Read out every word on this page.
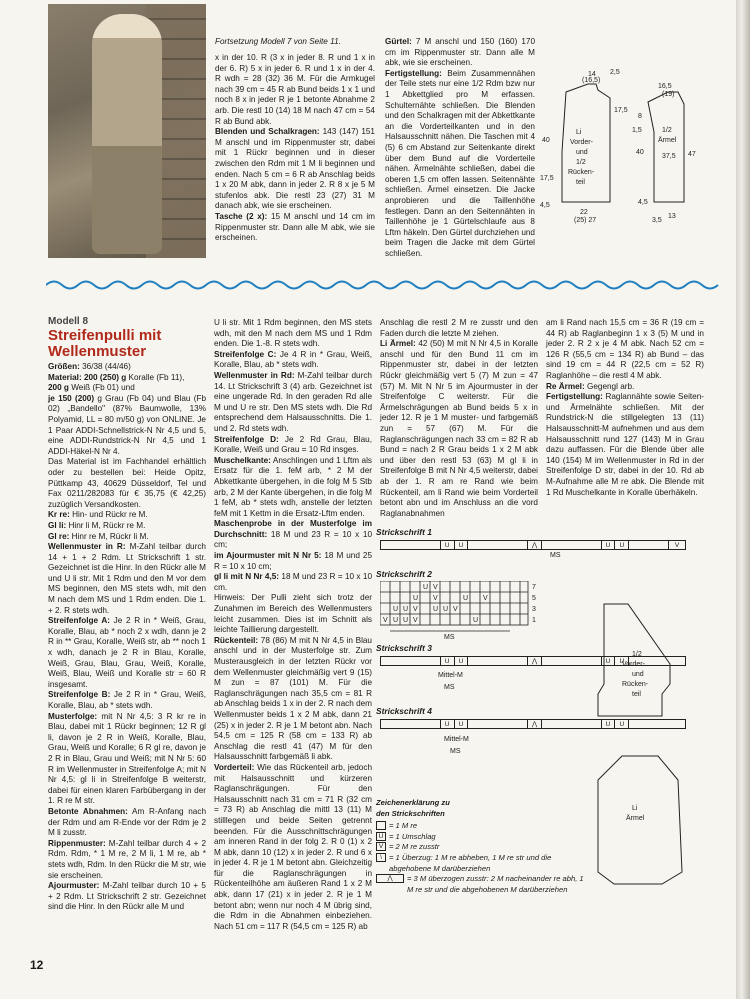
Fortsetzung Modell 7 von Seite 11.

x in der 10. R (3 x in jeder 8. R und 1 x in der 6. R) 5 x in jeder 6. R und 1 x in der 4. R wdh = 28 (32) 36 M. Für die Armkugel nach 39 cm = 45 R ab Bund beids 1 x 1 und noch 8 x in jeder R je 1 betonte Abnahme 2 arb. Die restl 10 (14) 18 M nach 47 cm = 54 R ab Bund abk.

Blenden und Schalkragen: 143 (147) 151 M anschl und im Rippenmuster str, dabei mit 1 Rückr beginnen und in dieser zwischen den Rdm mit 1 M li beginnen und enden. Nach 5 cm = 6 R ab Anschlag beids 1 x 20 M abk, dann in jeder 2. R 8 x je 5 M stufenlos abk. Die restl 23 (27) 31 M danach abk, wie sie erscheinen.

Tasche (2 x): 15 M anschl und 14 cm im Rippenmuster str. Dann alle M abk, wie sie erscheinen.

Gürtel: 7 M anschl und 150 (160) 170 cm im Rippenmuster str. Dann alle M abk, wie sie erscheinen.

Fertigstellung: Beim Zusammennähen der Teile stets nur eine 1/2 Rdm bzw nur 1 Abkettglied pro M erfassen. Schulternähte schließen. Die Blenden und den Schalkragen mit der Abkettkante an die Vorderteilkanten und in den Halsausschnitt nähen. Die Taschen mit 4 (5) 6 cm Abstand zur Seitenkante direkt über dem Bund auf die Vorderteile nähen. Ärmelnähte schließen, dabei die oberen 1,5 cm offen lassen. Seitennähte schließen. Ärmel einsetzen. Die Jacke anprobieren und die Taillenhöhe festlegen. Dann an den Seitennähten in Taillenhöhe je 1 Gürtelschlaufe aus 8 Lftm häkeln. Den Gürtel durchziehen und beim Tragen die Jacke mit dem Gürtel schließen.

14
(16,5)
2,5
17,5
40
17,5
4,5
22
(25) 27
16,5
(19)
8
1,5
40
37,5 47
4,5
3,5
13
Li
Vorder-
und
1/2
Rücken-
teil
1/2
Ärmel
Modell 8
Streifenpulli mit Wellenmuster

Größen: 36/38 (44/46)

Material: 200 (250) g Koralle (Fb 11),

200 g Weiß (Fb 01) und

je 150 (200) g Grau (Fb 04) und Blau (Fb 02) „Bandello" (87% Baumwolle, 13% Polyamid, LL = 80 m/50 g) von ONLINE. Je 1 Paar ADDI-Schnellstrick-N Nr 4,5 und 5, eine ADDI-Rundstrick-N Nr 4,5 und 1 ADDI-Häkel-N Nr 4.

Das Material ist im Fachhandel erhältlich oder zu bestellen bei: Heide Opitz, Püttkamp 43, 40629 Düsseldorf, Tel und Fax 0211/282083 für € 35,75 (€ 42,25) zuzüglich Versandkosten.

Kr re: Hin- und Rückr re M.

Gl li: Hinr li M, Rückr re M.

Gl re: Hinr re M, Rückr li M.

Wellenmuster in R: M-Zahl teilbar durch 14 + 1 + 2 Rdm. Lt Strickschrift 1 str. Gezeichnet ist die Hinr. In den Rückr alle M und U li str. Mit 1 Rdm und den M vor dem MS beginnen, den MS stets wdh, mit den M nach dem MS und 1 Rdm enden. Die 1. + 2. R stets wdh.

Streifenfolge A: Je 2 R in * Weiß, Grau, Koralle, Blau, ab * noch 2 x wdh, dann je 2 R in ** Grau, Koralle, Weiß str, ab ** noch 1 x wdh, danach je 2 R in Blau, Koralle, Weiß, Grau, Blau, Grau, Weiß, Koralle, Weiß, Blau, Weiß und Koralle str = 60 R insgesamt.

Streifenfolge B: Je 2 R in * Grau, Weiß, Koralle, Blau, ab * stets wdh.

Musterfolge: mit N Nr 4,5: 3 R kr re in Blau, dabei mit 1 Rückr beginnen; 12 R gl li, davon je 2 R in Weiß, Koralle, Blau, Grau, Weiß und Koralle; 6 R gl re, davon je 2 R in Blau, Grau und Weiß; mit N Nr 5: 60 R im Wellenmuster in Streifenfolge A; mit N Nr 4,5: gl li in Streifenfolge B weiterstr, dabei für einen klaren Farbübergang in der 1. R re M str.

Betonte Abnahmen: Am R-Anfang nach der Rdm und am R-Ende vor der Rdm je 2 M li zusstr.

Rippenmuster: M-Zahl teilbar durch 4 + 2 Rdm. Rdm, * 1 M re, 2 M li, 1 M re, ab * stets wdh, Rdm. In den Rückr die M str, wie sie erscheinen.

Ajourmuster: M-Zahl teilbar durch 10 + 5 + 2 Rdm. Lt Strickschrift 2 str. Gezeichnet sind die Hinr. In den Rückr alle M und

U li str. Mit 1 Rdm beginnen, den MS stets wdh, mit den M nach dem MS und 1 Rdm enden. Die 1.-8. R stets wdh.

Streifenfolge C: Je 4 R in * Grau, Weiß, Koralle, Blau, ab * stets wdh.

Wellenmuster in Rd: M-Zahl teilbar durch 14. Lt Strickschrift 3 (4) arb. Gezeichnet ist eine ungerade Rd. In den geraden Rd alle M und U re str. Den MS stets wdh. Die Rd entsprechend dem Halsausschnitts. Die 1. und 2. Rd stets wdh.

Streifenfolge D: Je 2 Rd Grau, Blau, Koralle, Weiß und Grau = 10 Rd insges.

Muschelkante: Anschlingen und 1 Lftm als Ersatz für die 1. feM arb, * 2 M der Abkettkante übergehen, in die folg M 5 Stb arb, 2 M der Kante übergehen, in die folg M 1 feM, ab * stets wdh, anstelle der letzten feM mit 1 Kettm in die Ersatz-Lftm enden.

Maschenprobe in der Musterfolge im Durchschnitt: 18 M und 23 R = 10 x 10 cm;

im Ajourmuster mit N Nr 5: 18 M und 25 R = 10 x 10 cm;

gl li mit N Nr 4,5: 18 M und 23 R = 10 x 10 cm.

Hinweis: Der Pulli zieht sich trotz der Zunahmen im Bereich des Wellenmusters leicht zusammen. Dies ist im Schnitt als leichte Taillierung dargestellt.

Rückenteil: 78 (86) M mit N Nr 4,5 in Blau anschl und in der Musterfolge str. Zum Musterausgleich in der letzten Rückr vor dem Wellenmuster gleichmäßig vert 9 (15) M zun = 87 (101) M. Für die Raglanschrägungen nach 35,5 cm = 81 R ab Anschlag beids 1 x in der 2. R nach dem Wellenmuster beids 1 x 2 M abk, dann 21 (25) x in jeder 2. R je 1 M betont abn. Nach 54,5 cm = 125 R (58 cm = 133 R) ab Anschlag die restl 41 (47) M für den Halsausschnitt farbgemäß li abk.

Vorderteil: Wie das Rückenteil arb, jedoch mit Halsausschnitt und kürzeren Raglanschrägungen. Für den Halsausschnitt nach 31 cm = 71 R (32 cm = 73 R) ab Anschlag die mittl 13 (11) M stilllegen und beide Seiten getrennt beenden. Für die Ausschnittschrägungen am inneren Rand in der folg 2. R 0 (1) x 2 M abk, dann 10 (12) x in jeder 2. R und 6 x in jeder 4. R je 1 M betont abn. Gleichzeitig für die Raglanschrägungen in Rückenteilhöhe am äußeren Rand 1 x 2 M abk, dann 17 (21) x in jeder 2. R je 1 M betont abn; wenn nur noch 4 M übrig sind, die Rdm in die Abnahmen einbeziehen. Nach 51 cm = 117 R (54,5 cm = 125 R) ab

Anschlag die restl 2 M re zusstr und den Faden durch die letzte M ziehen.

Li Ärmel: 42 (50) M mit N Nr 4,5 in Koralle anschl und für den Bund 11 cm im Rippenmuster str, dabei in der letzten Rückr gleichmäßig vert 5 (7) M zun = 47 (57) M. Mit N Nr 5 im Ajourmuster in der Streifenfolge C weiterstr. Für die Ärmelschrägungen ab Bund beids 5 x in jeder 12. R je 1 M muster- und farbgemäß zun = 57 (67) M. Für die Raglanschrägungen nach 33 cm = 82 R ab Bund = nach 2 R Grau beids 1 x 2 M abk und über den restl 53 (63) M gl li in Streifenfolge B mit N Nr 4,5 weiterstr, dabei ab der 1. R am re Rand wie beim Rückenteil, am li Rand wie beim Vorderteil betont abn und im Anschluss an die vord Raglanabnahmen

am li Rand nach 15,5 cm = 36 R (19 cm = 44 R) ab Raglanbeginn 1 x 3 (5) M und in jeder 2. R 2 x je 4 M abk. Nach 52 cm = 126 R (55,5 cm = 134 R) ab Bund – das sind 19 cm = 44 R (22,5 cm = 52 R) Raglanhöhe – die restl 4 M abk.

Re Ärmel: Gegengl arb.

Fertigstellung: Raglannähte sowie Seiten- und Ärmelnähte schließen. Mit der Rundstrick-N die stillgelegten 13 (11) Halsausschnitt-M aufnehmen und aus dem Halsausschnitt rund 127 (143) M in Grau dazu auffassen. Für die Blende über alle 140 (154) M im Wellenmuster in Rd in der Streifenfolge D str, dabei in der 10. Rd ab M-Aufnahme alle M re abk. Die Blende mit 1 Rd Muschelkante in Koralle überhäkeln.

Strickschrift 1
U	U	⋀	U	U	V
MS
Strickschrift 2
U V
U V	U V
U U V U U V
V U U V	U
7
5
3
1
MS
Strickschrift 3
U	U	⋀	U	U
Mittel-M
MS
Strickschrift 4
U	U	⋀	U	U
Mittel-M
MS
Zeichenerklärung zu
den Strickschriften
= 1 M re
U = 1 Umschlag
V = 2 M re zusstr
\ = 1 Überzug: 1 M re abheben, 1 M re str und die abgehobene M darüberziehen
⋀	= 3 M überzogen zusstr: 2 M nacheinander re abh, 1 M re str und die abgehobenen M darüberziehen
1/2
Vorder-
und
Rücken-
teil
Li
Ärmel
12
